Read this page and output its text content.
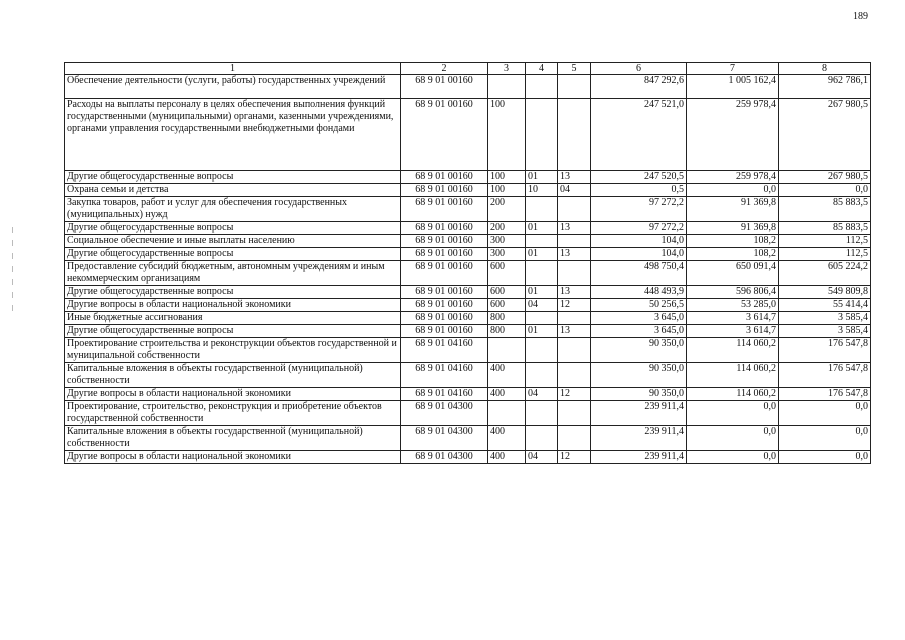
189
1	2	3	4	5	6	7	8
Обеспечение деятельности (услуги, работы) государственных учреждений	68 9 01 00160				847 292,6	1 005 162,4	962 786,1
Расходы на выплаты персоналу в целях обеспечения выполнения функций государственными (муниципальными) органами, казенными учреждениями, органами управления государственными внебюджетными фондами	68 9 01 00160	100			247 521,0	259 978,4	267 980,5
Другие общегосударственные вопросы	68 9 01 00160	100	01	13	247 520,5	259 978,4	267 980,5
Охрана семьи и детства	68 9 01 00160	100	10	04	0,5	0,0	0,0
Закупка товаров, работ и услуг для обеспечения государственных (муниципальных) нужд	68 9 01 00160	200			97 272,2	91 369,8	85 883,5
Другие общегосударственные вопросы	68 9 01 00160	200	01	13	97 272,2	91 369,8	85 883,5
Социальное обеспечение и иные выплаты населению	68 9 01 00160	300			104,0	108,2	112,5
Другие общегосударственные вопросы	68 9 01 00160	300	01	13	104,0	108,2	112,5
Предоставление субсидий бюджетным, автономным учреждениям и иным некоммерческим организациям	68 9 01 00160	600			498 750,4	650 091,4	605 224,2
Другие общегосударственные вопросы	68 9 01 00160	600	01	13	448 493,9	596 806,4	549 809,8
Другие вопросы в области национальной экономики	68 9 01 00160	600	04	12	50 256,5	53 285,0	55 414,4
Иные бюджетные ассигнования	68 9 01 00160	800			3 645,0	3 614,7	3 585,4
Другие общегосударственные вопросы	68 9 01 00160	800	01	13	3 645,0	3 614,7	3 585,4
Проектирование строительства и реконструкции объектов государственной и муниципальной собственности	68 9 01 04160				90 350,0	114 060,2	176 547,8
Капитальные вложения в объекты государственной (муниципальной) собственности	68 9 01 04160	400			90 350,0	114 060,2	176 547,8
Другие вопросы в области национальной экономики	68 9 01 04160	400	04	12	90 350,0	114 060,2	176 547,8
Проектирование, строительство, реконструкция и приобретение объектов государственной собственности	68 9 01 04300				239 911,4	0,0	0,0
Капитальные вложения в объекты государственной (муниципальной) собственности	68 9 01 04300	400			239 911,4	0,0	0,0
Другие вопросы в области национальной экономики	68 9 01 04300	400	04	12	239 911,4	0,0	0,0
